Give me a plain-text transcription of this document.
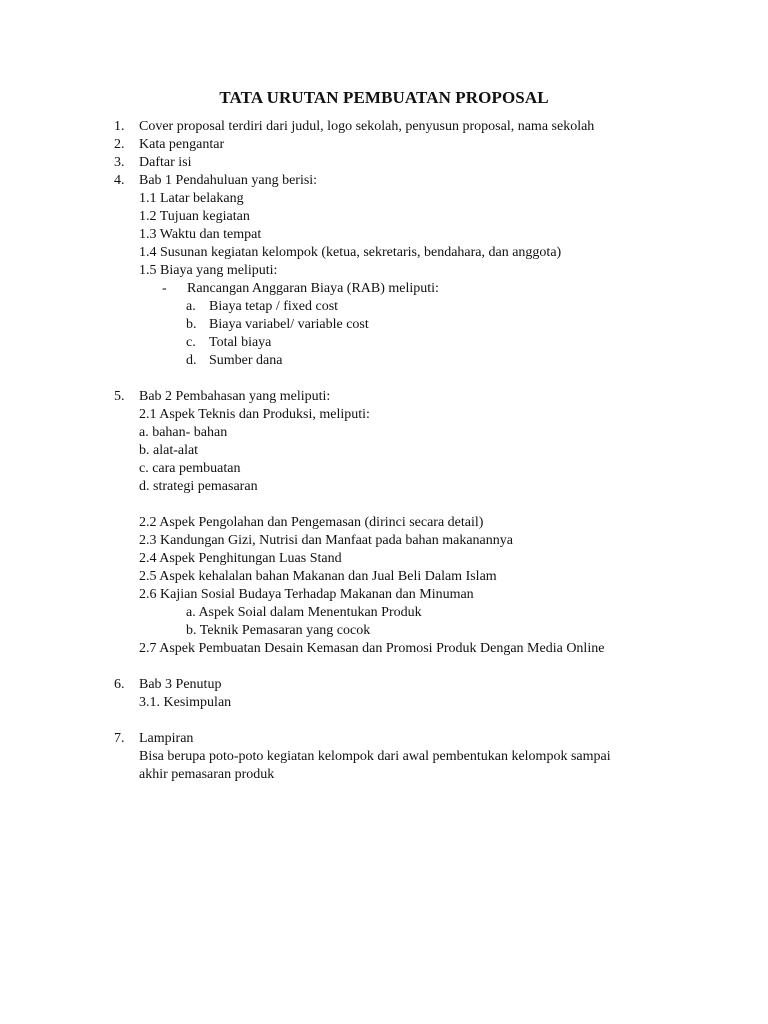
TATA URUTAN PEMBUATAN PROPOSAL
1. Cover proposal terdiri dari judul, logo sekolah, penyusun proposal, nama sekolah
2. Kata pengantar
3. Daftar isi
4. Bab 1 Pendahuluan yang berisi:
1.1 Latar belakang
1.2 Tujuan kegiatan
1.3 Waktu dan tempat
1.4 Susunan kegiatan kelompok (ketua, sekretaris, bendahara, dan anggota)
1.5 Biaya yang meliputi:
- Rancangan Anggaran Biaya (RAB) meliputi:
a. Biaya tetap / fixed cost
b. Biaya variabel/ variable cost
c. Total biaya
d. Sumber dana
5. Bab 2 Pembahasan yang meliputi:
2.1 Aspek Teknis dan Produksi, meliputi:
a. bahan- bahan
b. alat-alat
c. cara pembuatan
d. strategi pemasaran
2.2 Aspek Pengolahan dan Pengemasan (dirinci secara detail)
2.3 Kandungan Gizi, Nutrisi dan Manfaat pada bahan makanannya
2.4 Aspek Penghitungan Luas Stand
2.5 Aspek kehalalan bahan Makanan dan Jual Beli Dalam Islam
2.6 Kajian Sosial Budaya Terhadap Makanan dan Minuman
a. Aspek Soial dalam Menentukan Produk
b. Teknik Pemasaran yang cocok
2.7 Aspek Pembuatan Desain Kemasan dan Promosi Produk Dengan Media Online
6. Bab 3 Penutup
3.1. Kesimpulan
7. Lampiran
Bisa berupa poto-poto kegiatan kelompok dari awal pembentukan kelompok sampai
akhir pemasaran produk
